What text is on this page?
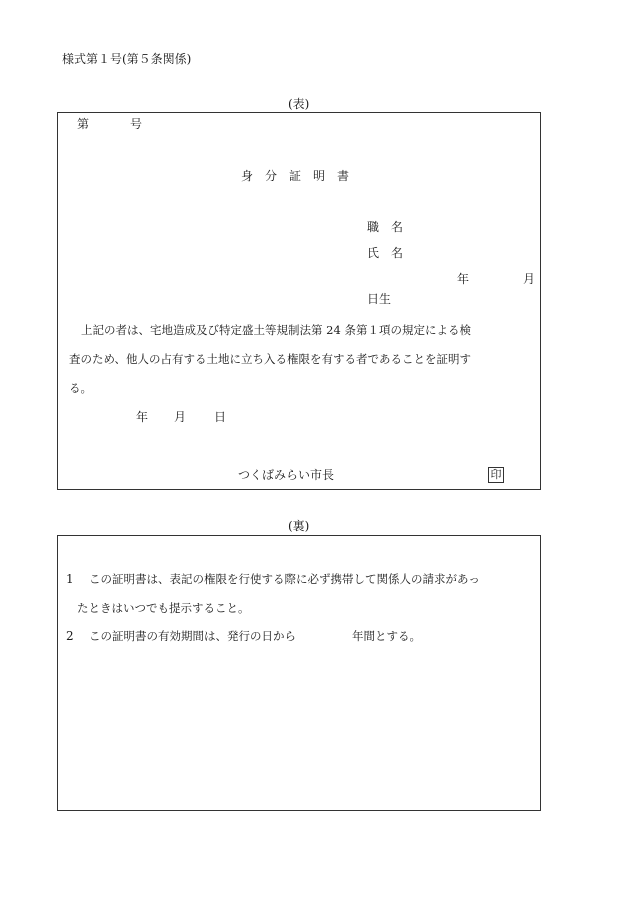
様式第１号(第５条関係)
(表)
第	号
身分証明書
職　名
氏　名
年	月
日生
上記の者は、宅地造成及び特定盛土等規制法第 24 条第１項の規定による検
査のため、他人の占有する土地に立ち入る権限を有する者であることを証明す
る。
年 月 日
つくばみらい市長	印
(裏)
1 この証明書は、表記の権限を行使する際に必ず携帯して関係人の請求があっ
たときはいつでも提示すること。
2 この証明書の有効期間は、発行の日から	年間とする。
